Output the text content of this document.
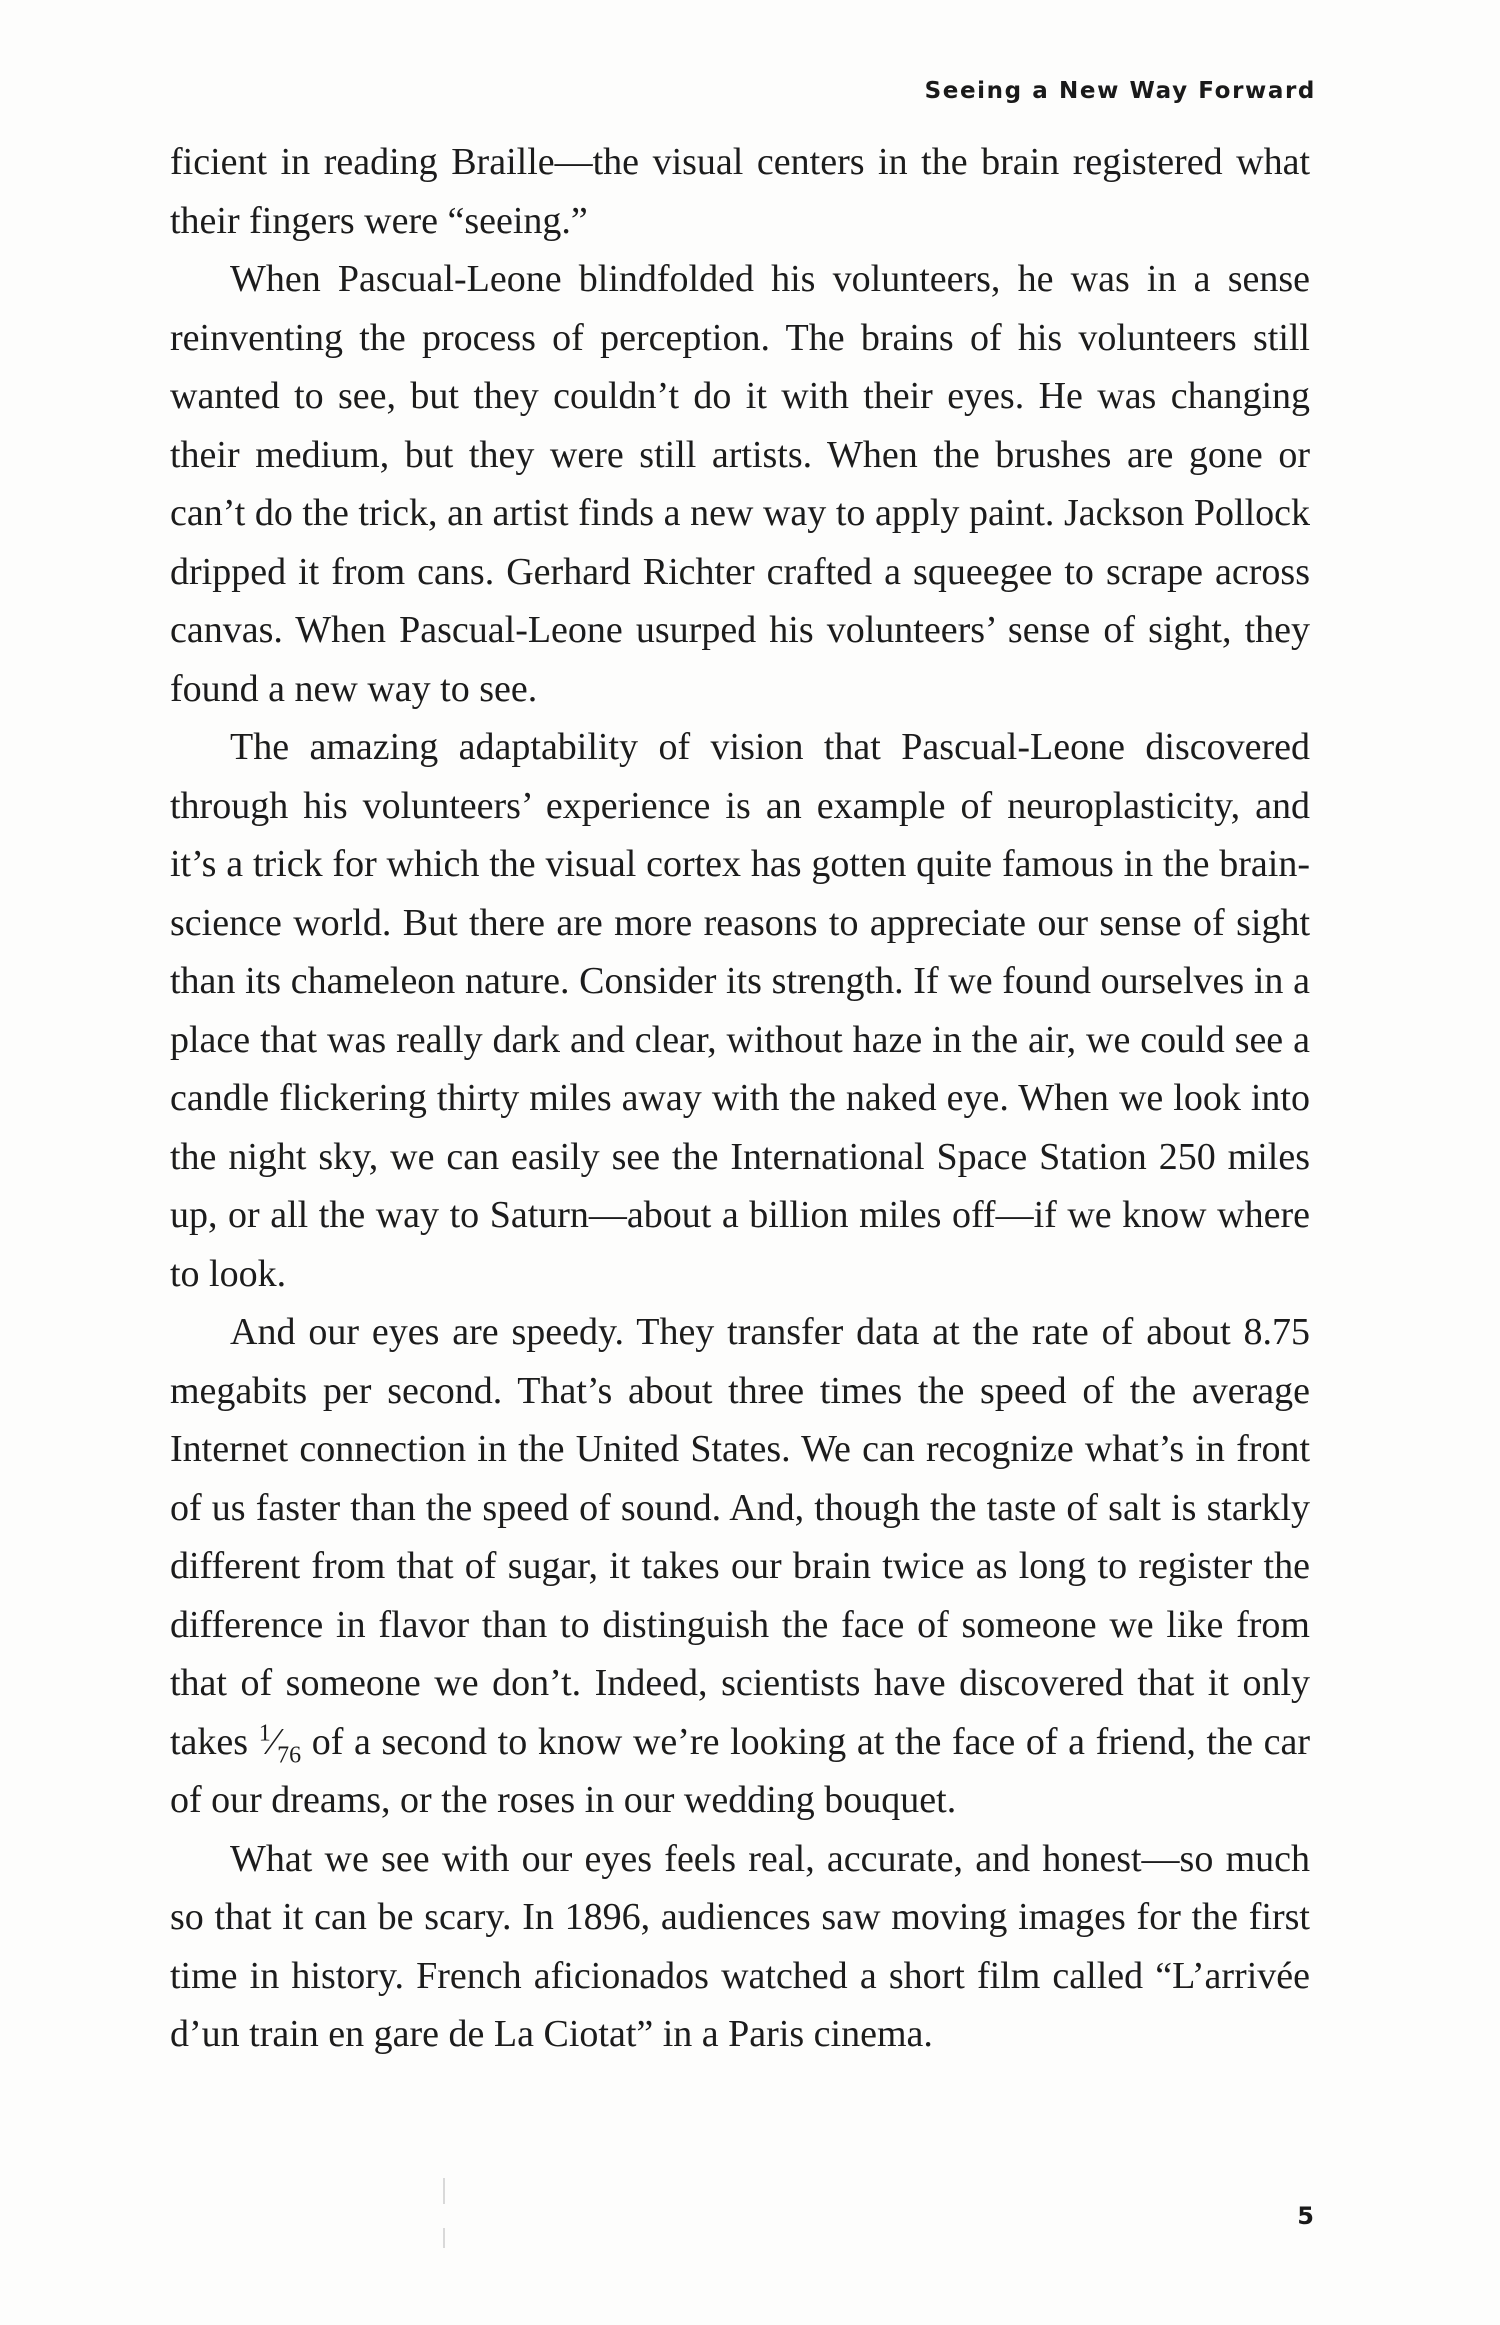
Seeing a New Way Forward

ficient in reading Braille—the visual centers in the brain registered what their fingers were “seeing.”

When Pascual-Leone blindfolded his volunteers, he was in a sense reinventing the process of perception. The brains of his volunteers still wanted to see, but they couldn’t do it with their eyes. He was changing their medium, but they were still artists. When the brushes are gone or can’t do the trick, an artist finds a new way to apply paint. Jackson Pollock dripped it from cans. Gerhard Richter crafted a squeegee to scrape across canvas. When Pascual-Leone usurped his volunteers’ sense of sight, they found a new way to see.

The amazing adaptability of vision that Pascual-Leone discovered through his volunteers’ experience is an example of neuroplasticity, and it’s a trick for which the visual cortex has gotten quite famous in the brain-science world. But there are more reasons to appreciate our sense of sight than its chameleon nature. Consider its strength. If we found ourselves in a place that was really dark and clear, without haze in the air, we could see a candle flickering thirty miles away with the naked eye. When we look into the night sky, we can easily see the International Space Station 250 miles up, or all the way to Saturn—about a billion miles off—if we know where to look.

And our eyes are speedy. They transfer data at the rate of about 8.75 megabits per second. That’s about three times the speed of the average Internet connection in the United States. We can recognize what’s in front of us faster than the speed of sound. And, though the taste of salt is starkly different from that of sugar, it takes our brain twice as long to register the difference in flavor than to distinguish the face of someone we like from that of someone we don’t. Indeed, scientists have discovered that it only takes $^1⁄_{76}$ of a second to know we’re looking at the face of a friend, the car of our dreams, or the roses in our wedding bouquet.

What we see with our eyes feels real, accurate, and honest—so much so that it can be scary. In 1896, audiences saw moving images for the first time in history. French aficionados watched a short film called “L’arrivée d’un train en gare de La Ciotat” in a Paris cinema.

5
